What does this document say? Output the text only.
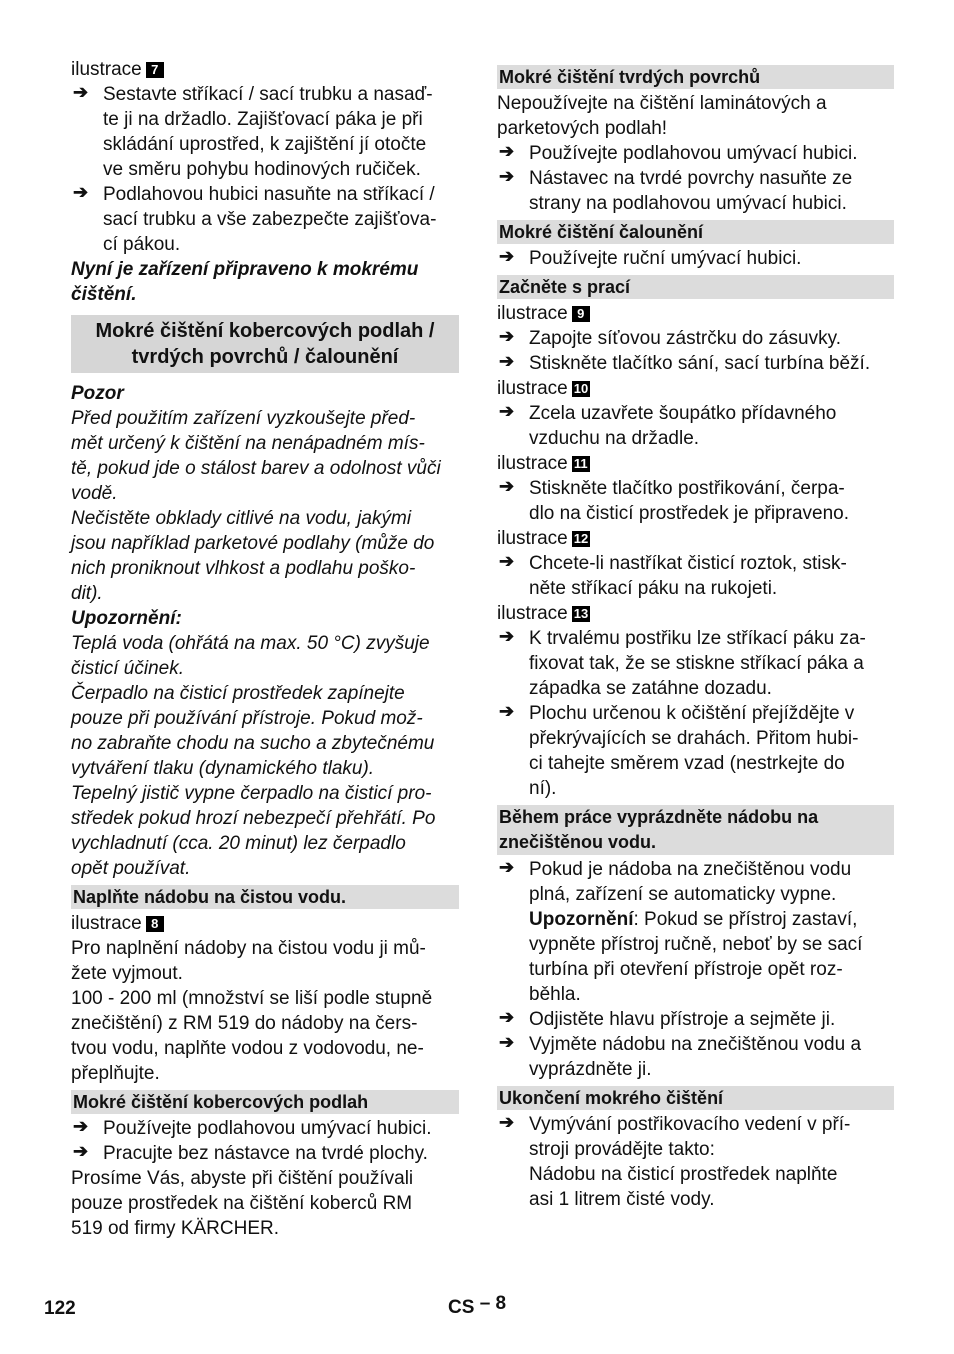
ilustrace 7
➔ Sestavte stříkací / sací trubku a nasaď-
te ji na držadlo. Zajišťovací páka je při
skládání uprostřed, k zajištění jí otočte
ve směru pohybu hodinových ručiček.
➔ Podlahovou hubici nasuňte na stříkací /
sací trubku a vše zabezpečte zajišťova-
cí pákou.
Nyní je zařízení připraveno k mokrému
čištění.
Mokré čištění kobercových podlah /
tvrdých povrchů / čalounění
Pozor
Před použitím zařízení vyzkoušejte před-
mět určený k čištění na nenápadném mís-
tě, pokud jde o stálost barev a odolnost vůči
vodě.
Nečistěte obklady citlivé na vodu, jakými
jsou například parketové podlahy (může do
nich proniknout vlhkost a podlahu poško-
dit).
Upozornění:
Teplá voda (ohřátá na max. 50 °C) zvyšuje
čisticí účinek.
Čerpadlo na čisticí prostředek zapínejte
pouze při používání přístroje. Pokud mož-
no zabraňte chodu na sucho a zbytečnému
vytváření tlaku (dynamického tlaku).
Tepelný jistič vypne čerpadlo na čisticí pro-
středek pokud hrozí nebezpečí přehřátí. Po
vychladnutí (cca. 20 minut) lez čerpadlo
opět používat.
Naplňte nádobu na čistou vodu.
ilustrace 8
Pro naplnění nádoby na čistou vodu ji mů-
žete vyjmout.
100 - 200 ml (množství se liší podle stupně
znečištění) z RM 519 do nádoby na čers-
tvou vodu, naplňte vodou z vodovodu, ne-
přeplňujte.
Mokré čištění kobercových podlah
➔ Používejte podlahovou umývací hubici.
➔ Pracujte bez nástavce na tvrdé plochy.
Prosíme Vás, abyste při čištění používali
pouze prostředek na čištění koberců RM
519 od firmy KÄRCHER.
Mokré čištění tvrdých povrchů
Nepoužívejte na čištění laminátových a
parketových podlah!
➔ Používejte podlahovou umývací hubici.
➔ Nástavec na tvrdé povrchy nasuňte ze
strany na podlahovou umývací hubici.
Mokré čištění čalounění
➔ Používejte ruční umývací hubici.
Začněte s prací
ilustrace 9
➔ Zapojte síťovou zástrčku do zásuvky.
➔ Stiskněte tlačítko sání, sací turbína běží.
ilustrace 10
➔ Zcela uzavřete šoupátko přídavného
vzduchu na držadle.
ilustrace 11
➔ Stiskněte tlačítko postřikování, čerpa-
dlo na čisticí prostředek je připraveno.
ilustrace 12
➔ Chcete-li nastříkat čisticí roztok, stisk-
něte stříkací páku na rukojeti.
ilustrace 13
➔ K trvalému postřiku lze stříkací páku za-
fixovat tak, že se stiskne stříkací páka a
západka se zatáhne dozadu.
➔ Plochu určenou k očištění přejíždějte v
překrývajících se drahách. Přitom hubi-
ci tahejte směrem vzad (nestrkejte do
ní).
Během práce vyprázdněte nádobu na znečištěnou vodu.
➔ Pokud je nádoba na znečištěnou vodu
plná, zařízení se automaticky vypne.
Upozornění: Pokud se přístroj zastaví,
vypněte přístroj ručně, neboť by se sací
turbína při otevření přístroje opět roz-
běhla.
➔ Odjistěte hlavu přístroje a sejměte ji.
➔ Vyjměte nádobu na znečištěnou vodu a
vyprázdněte ji.
Ukončení mokrého čištění
➔ Vymývání postřikovacího vedení v pří-
stroji provádějte takto:
Nádobu na čisticí prostředek naplňte
asi 1 litrem čisté vody.
122	CS – 8
